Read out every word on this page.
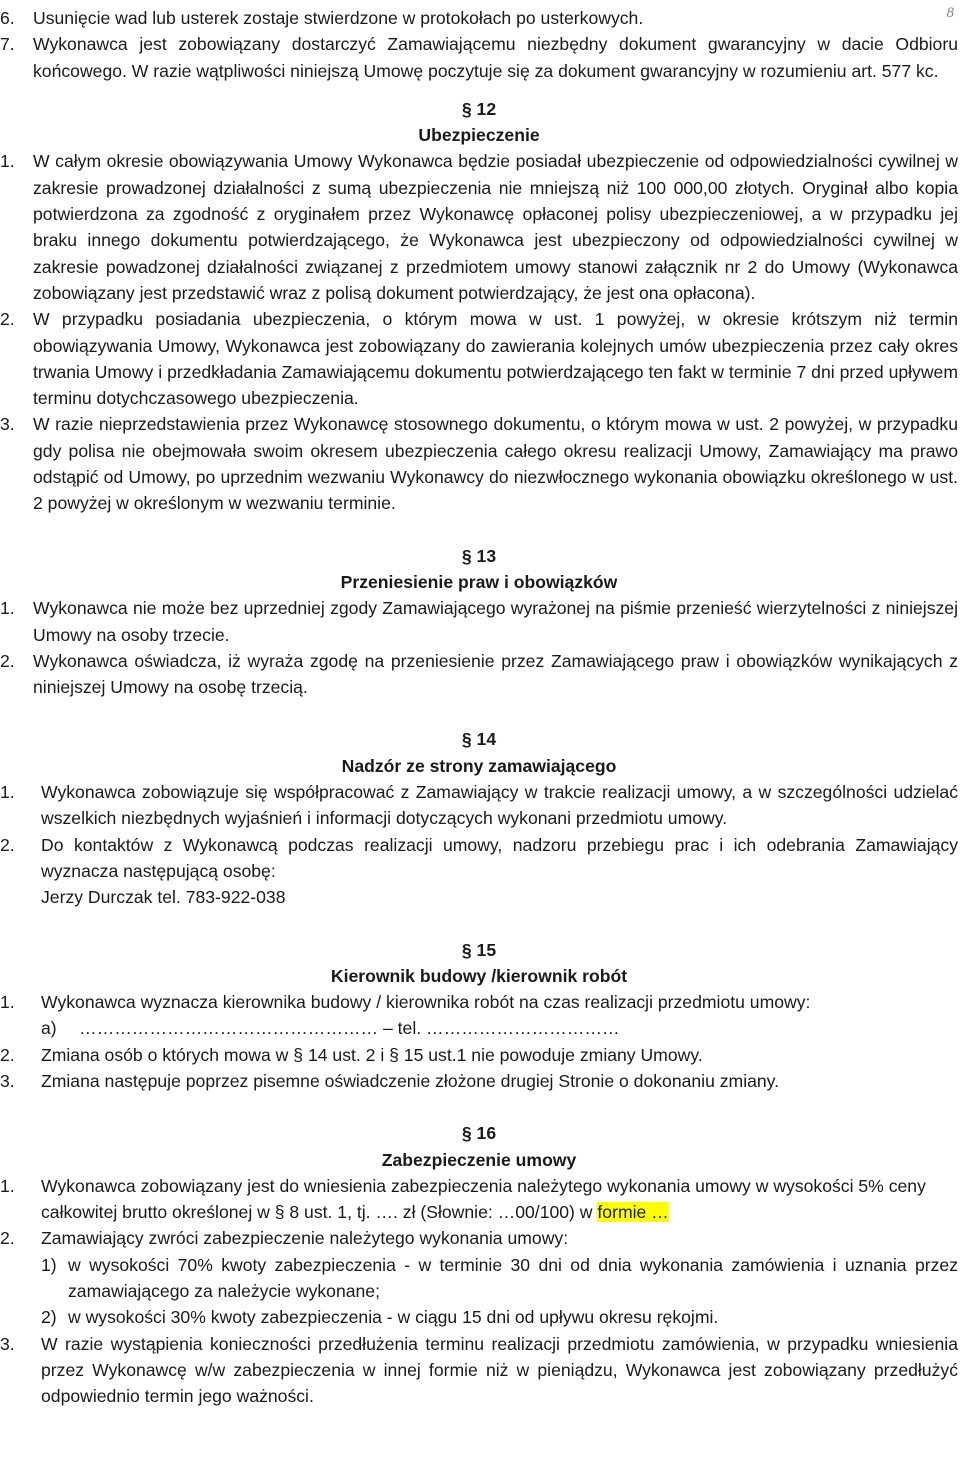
8
6.	Usunięcie wad lub usterek zostaje stwierdzone w protokołach po usterkowych.
7.	Wykonawca jest zobowiązany dostarczyć Zamawiającemu niezbędny dokument gwarancyjny w dacie Odbioru końcowego. W razie wątpliwości niniejszą Umowę poczytuje się za dokument gwarancyjny w rozumieniu art. 577 kc.
§ 12
Ubezpieczenie
1.	W całym okresie obowiązywania Umowy Wykonawca będzie posiadał ubezpieczenie od odpowiedzialności cywilnej w zakresie prowadzonej działalności z sumą ubezpieczenia nie mniejszą niż 100 000,00 złotych. Oryginał albo kopia potwierdzona za zgodność z oryginałem przez Wykonawcę opłaconej polisy ubezpieczeniowej, a w przypadku jej braku innego dokumentu potwierdzającego, że Wykonawca jest ubezpieczony od odpowiedzialności cywilnej w zakresie powadzonej działalności związanej z przedmiotem umowy stanowi załącznik nr 2 do Umowy (Wykonawca zobowiązany jest przedstawić wraz z polisą dokument potwierdzający, że jest ona opłacona).
2.	W przypadku posiadania ubezpieczenia, o którym mowa w ust. 1 powyżej, w okresie krótszym niż termin obowiązywania Umowy, Wykonawca jest zobowiązany do zawierania kolejnych umów ubezpieczenia przez cały okres trwania Umowy i przedkładania Zamawiającemu dokumentu potwierdzającego ten fakt w terminie 7 dni przed upływem terminu dotychczasowego ubezpieczenia.
3.	W razie nieprzedstawienia przez Wykonawcę stosownego dokumentu, o którym mowa w ust. 2 powyżej, w przypadku gdy polisa nie obejmowała swoim okresem ubezpieczenia całego okresu realizacji Umowy, Zamawiający ma prawo odstąpić od Umowy, po uprzednim wezwaniu Wykonawcy do niezwłocznego wykonania obowiązku określonego w ust. 2 powyżej w określonym w wezwaniu terminie.
§ 13
Przeniesienie praw i obowiązków
1.	Wykonawca nie może bez uprzedniej zgody Zamawiającego wyrażonej na piśmie przenieść wierzytelności z niniejszej Umowy na osoby trzecie.
2.	Wykonawca oświadcza, iż wyraża zgodę na przeniesienie przez Zamawiającego praw i obowiązków wynikających z niniejszej Umowy na osobę trzecią.
§ 14
Nadzór ze strony zamawiającego
1.	Wykonawca zobowiązuje się współpracować z Zamawiający w trakcie realizacji umowy, a w szczególności udzielać wszelkich niezbędnych wyjaśnień i informacji dotyczących wykonani przedmiotu umowy.
2.	Do kontaktów z Wykonawcą podczas realizacji umowy, nadzoru przebiegu prac i ich odebrania Zamawiający wyznacza następującą osobę:
Jerzy Durczak tel. 783-922-038
§ 15
Kierownik budowy /kierownik robót
1.	Wykonawca wyznacza kierownika budowy / kierownika robót na czas realizacji przedmiotu umowy:
a)	…………………………………………… – tel. ……………………………
2.	Zmiana osób o których mowa w § 14 ust. 2 i § 15 ust.1 nie powoduje zmiany Umowy.
3.	Zmiana następuje poprzez pisemne oświadczenie złożone drugiej Stronie o dokonaniu zmiany.
§ 16
Zabezpieczenie umowy
1.	Wykonawca zobowiązany jest do wniesienia zabezpieczenia należytego wykonania umowy w wysokości 5% ceny całkowitej brutto określonej w § 8 ust. 1, tj. …. zł (Słownie: …00/100) w formie …
2.	Zamawiający zwróci zabezpieczenie należytego wykonania umowy:
1) w wysokości 70% kwoty zabezpieczenia - w terminie 30 dni od dnia wykonania zamówienia i uznania przez zamawiającego za należycie wykonane;
2) w wysokości 30% kwoty zabezpieczenia - w ciągu 15 dni od upływu okresu rękojmi.
3.	W razie wystąpienia konieczności przedłużenia terminu realizacji przedmiotu zamówienia, w przypadku wniesienia przez Wykonawcę w/w zabezpieczenia w innej formie niż w pieniądzu, Wykonawca jest zobowiązany przedłużyć odpowiednio termin jego ważności.
